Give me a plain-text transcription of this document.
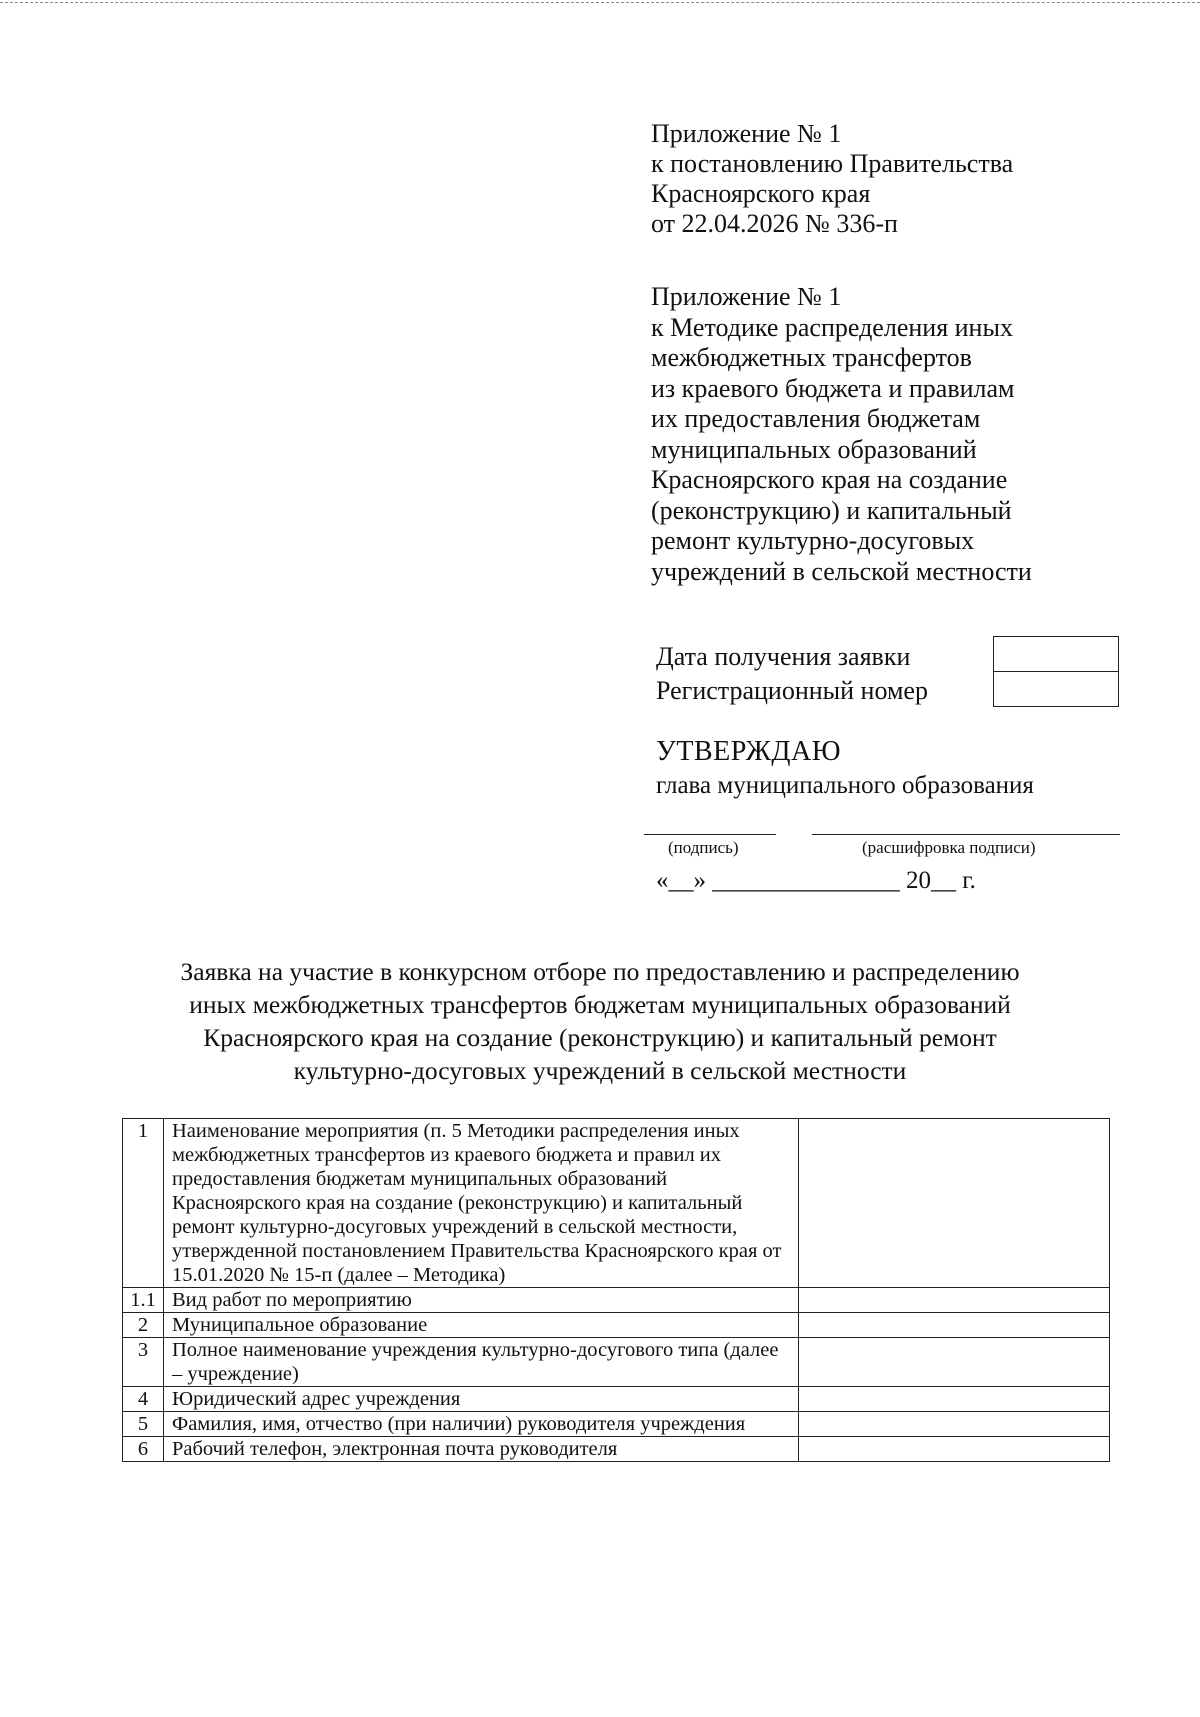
Приложение № 1
к постановлению Правительства
Красноярского края
от 22.04.2026 № 336-п
Приложение № 1
к Методике распределения иных
межбюджетных трансфертов
из краевого бюджета и правилам
их предоставления бюджетам
муниципальных образований
Красноярского края на создание
(реконструкцию) и капитальный
ремонт культурно-досуговых
учреждений в сельской местности
Дата получения заявки
Регистрационный номер
УТВЕРЖДАЮ
глава муниципального образования
(подпись)	(расшифровка подписи)
«__» _______________ 20__ г.
Заявка на участие в конкурсном отборе по предоставлению и распределению
иных межбюджетных трансфертов бюджетам муниципальных образований
Красноярского края на создание (реконструкцию) и капитальный ремонт
культурно-досуговых учреждений в сельской местности
1	Наименование мероприятия (п. 5 Методики распределения иных межбюджетных трансфертов из краевого бюджета и правил их предоставления бюджетам муниципальных образований Красноярского края на создание (реконструкцию) и капитальный ремонт культурно-досуговых учреждений в сельской местности, утвержденной постановлением Правительства Красноярского края от 15.01.2020 № 15-п (далее – Методика)	
1.1	Вид работ по мероприятию	
2	Муниципальное образование	
3	Полное наименование учреждения культурно-досугового типа (далее – учреждение)	
4	Юридический адрес учреждения	
5	Фамилия, имя, отчество (при наличии) руководителя учреждения	
6	Рабочий телефон, электронная почта руководителя	
